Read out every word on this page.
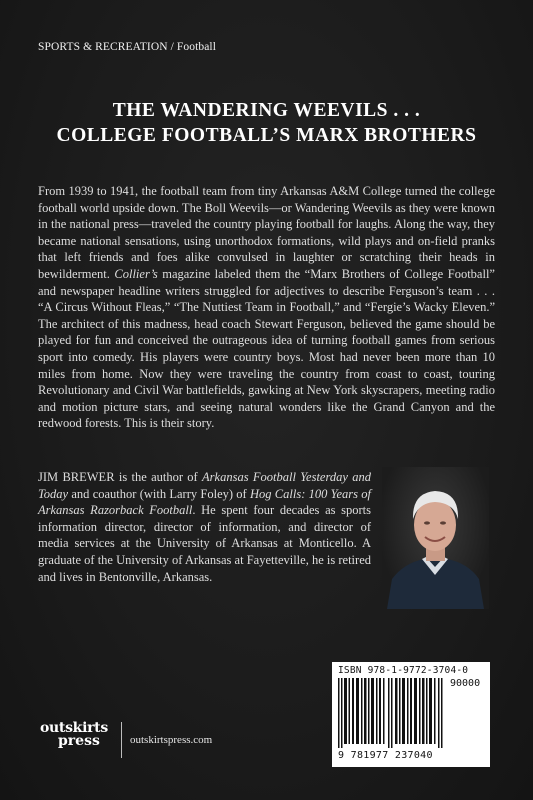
SPORTS & RECREATION / Football
THE WANDERING WEEVILS . . .
COLLEGE FOOTBALL’S MARX BROTHERS

From 1939 to 1941, the football team from tiny Arkansas A&M College turned the college football world upside down. The Boll Weevils—or Wandering Weevils as they were known in the national press—traveled the country playing football for laughs. Along the way, they became national sensations, using unorthodox formations, wild plays and on-field pranks that left friends and foes alike convulsed in laughter or scratching their heads in bewilderment. Collier’s magazine labeled them the “Marx Brothers of College Football” and newspaper headline writers struggled for adjectives to describe Ferguson’s team . . . “A Circus Without Fleas,” “The Nuttiest Team in Football,” and “Fergie’s Wacky Eleven.” The architect of this madness, head coach Stewart Ferguson, believed the game should be played for fun and conceived the outrageous idea of turning football games from serious sport into comedy. His players were country boys. Most had never been more than 10 miles from home. Now they were traveling the country from coast to coast, touring Revolutionary and Civil War battlefields, gawking at New York skyscrapers, meeting radio and motion picture stars, and seeing natural wonders like the Grand Canyon and the redwood forests. This is their story.

JIM BREWER is the author of Arkansas Football Yesterday and Today and coauthor (with Larry Foley) of Hog Calls: 100 Years of Arkansas Razorback Football. He spent four decades as sports information director, director of information, and director of media services at the University of Arkansas at Monticello. A graduate of the University of Arkansas at Fayetteville, he is retired and lives in Bentonville, Arkansas.

ISBN 978-1-9772-3704-0
90000
9 781977 237040
outskirts
press	outskirtspress.com
